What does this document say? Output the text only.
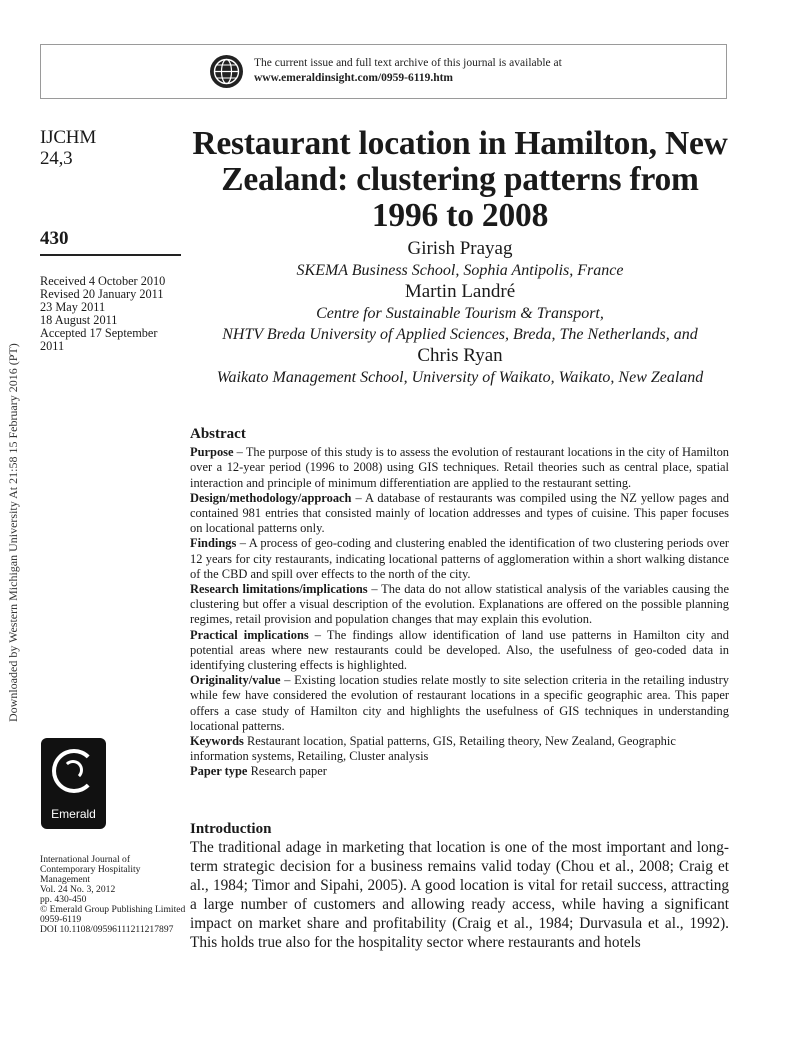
The current issue and full text archive of this journal is available at
www.emeraldinsight.com/0959-6119.htm
Downloaded by Western Michigan University At 21:58 15 February 2016 (PT)
IJCHM
24,3
430
Received 4 October 2010
Revised 20 January 2011
23 May 2011
18 August 2011
Accepted 17 September
2011
Emerald
International Journal of
Contemporary Hospitality
Management
Vol. 24 No. 3, 2012
pp. 430-450
© Emerald Group Publishing Limited
0959-6119
DOI 10.1108/09596111211217897
Restaurant location in Hamilton, New Zealand: clustering patterns from 1996 to 2008
Girish Prayag
SKEMA Business School, Sophia Antipolis, France
Martin Landré
Centre for Sustainable Tourism & Transport,
NHTV Breda University of Applied Sciences, Breda, The Netherlands, and
Chris Ryan
Waikato Management School, University of Waikato, Waikato, New Zealand
Abstract
Purpose – The purpose of this study is to assess the evolution of restaurant locations in the city of Hamilton over a 12-year period (1996 to 2008) using GIS techniques. Retail theories such as central place, spatial interaction and principle of minimum differentiation are applied to the restaurant setting.
Design/methodology/approach – A database of restaurants was compiled using the NZ yellow pages and contained 981 entries that consisted mainly of location addresses and types of cuisine. This paper focuses on locational patterns only.
Findings – A process of geo-coding and clustering enabled the identification of two clustering periods over 12 years for city restaurants, indicating locational patterns of agglomeration within a short walking distance of the CBD and spill over effects to the north of the city.
Research limitations/implications – The data do not allow statistical analysis of the variables causing the clustering but offer a visual description of the evolution. Explanations are offered on the possible planning regimes, retail provision and population changes that may explain this evolution.
Practical implications – The findings allow identification of land use patterns in Hamilton city and potential areas where new restaurants could be developed. Also, the usefulness of geo-coded data in identifying clustering effects is highlighted.
Originality/value – Existing location studies relate mostly to site selection criteria in the retailing industry while few have considered the evolution of restaurant locations in a specific geographic area. This paper offers a case study of Hamilton city and highlights the usefulness of GIS techniques in understanding locational patterns.
Keywords Restaurant location, Spatial patterns, GIS, Retailing theory, New Zealand, Geographic information systems, Retailing, Cluster analysis
Paper type Research paper
Introduction
The traditional adage in marketing that location is one of the most important and long-term strategic decision for a business remains valid today (Chou et al., 2008; Craig et al., 1984; Timor and Sipahi, 2005). A good location is vital for retail success, attracting a large number of customers and allowing ready access, while having a significant impact on market share and profitability (Craig et al., 1984; Durvasula et al., 1992). This holds true also for the hospitality sector where restaurants and hotels
